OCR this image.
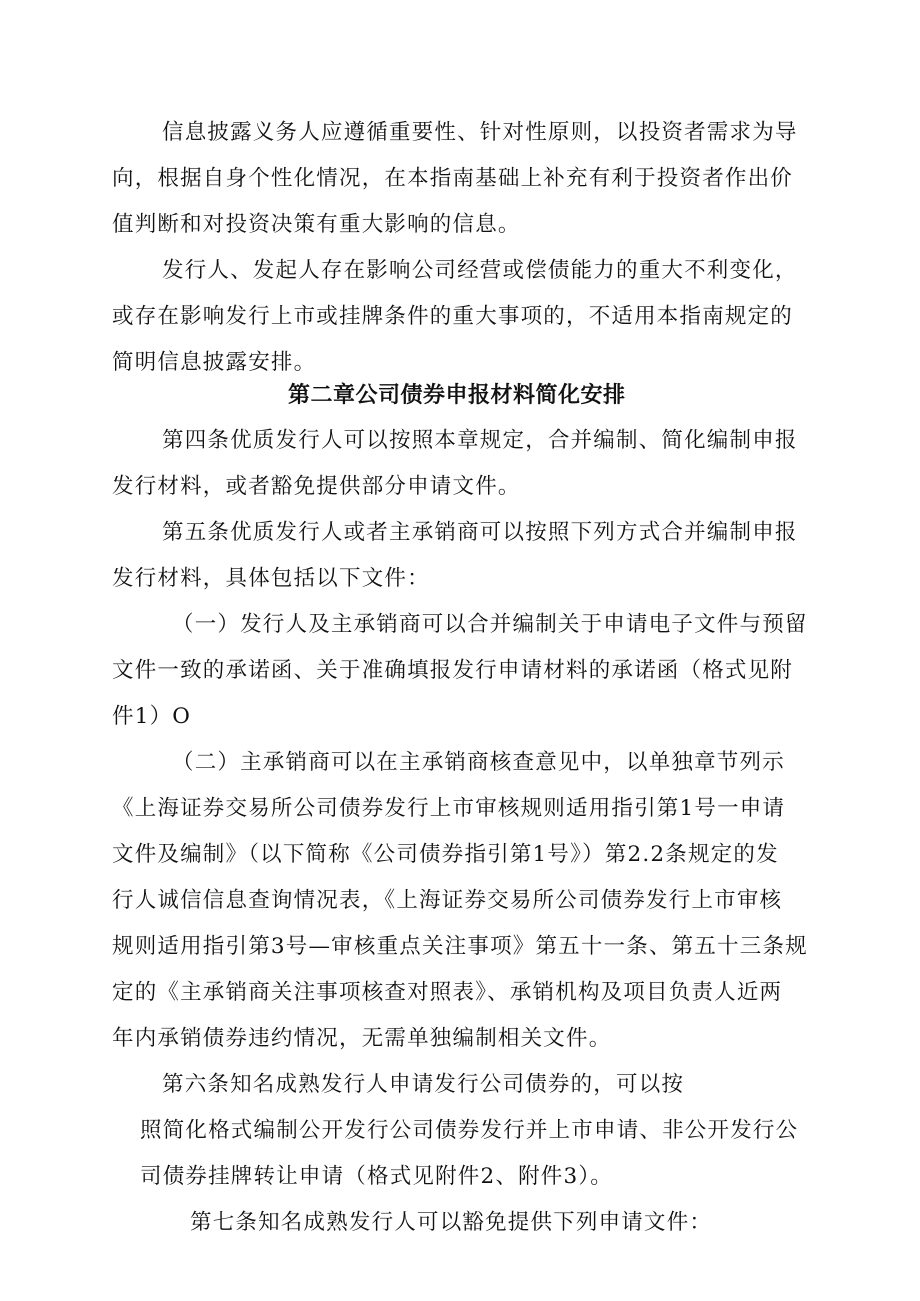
信息披露义务人应遵循重要性、针对性原则，以投资者需求为导
向，根据自身个性化情况，在本指南基础上补充有利于投资者作出价
值判断和对投资决策有重大影响的信息。
发行人、发起人存在影响公司经营或偿债能力的重大不利变化，
或存在影响发行上市或挂牌条件的重大事项的，不适用本指南规定的
简明信息披露安排。
第二章公司债券申报材料简化安排
第四条优质发行人可以按照本章规定，合并编制、简化编制申报
发行材料，或者豁免提供部分申请文件。
第五条优质发行人或者主承销商可以按照下列方式合并编制申报
发行材料，具体包括以下文件：
（一）发行人及主承销商可以合并编制关于申请电子文件与预留
文件一致的承诺函、关于准确填报发行申请材料的承诺函（格式见附
件1）O
（二）主承销商可以在主承销商核查意见中，以单独章节列示
《上海证券交易所公司债券发行上市审核规则适用指引第1号一申请
文件及编制》（以下简称《公司债券指引第1号》）第2.2条规定的发
行人诚信信息查询情况表，《上海证券交易所公司债券发行上市审核
规则适用指引第3号—审核重点关注事项》第五十一条、第五十三条规
定的《主承销商关注事项核查对照表》、承销机构及项目负责人近两
年内承销债券违约情况，无需单独编制相关文件。
第六条知名成熟发行人申请发行公司债券的，可以按
照简化格式编制公开发行公司债券发行并上市申请、非公开发行公
司债券挂牌转让申请（格式见附件2、附件3）。
第七条知名成熟发行人可以豁免提供下列申请文件：
